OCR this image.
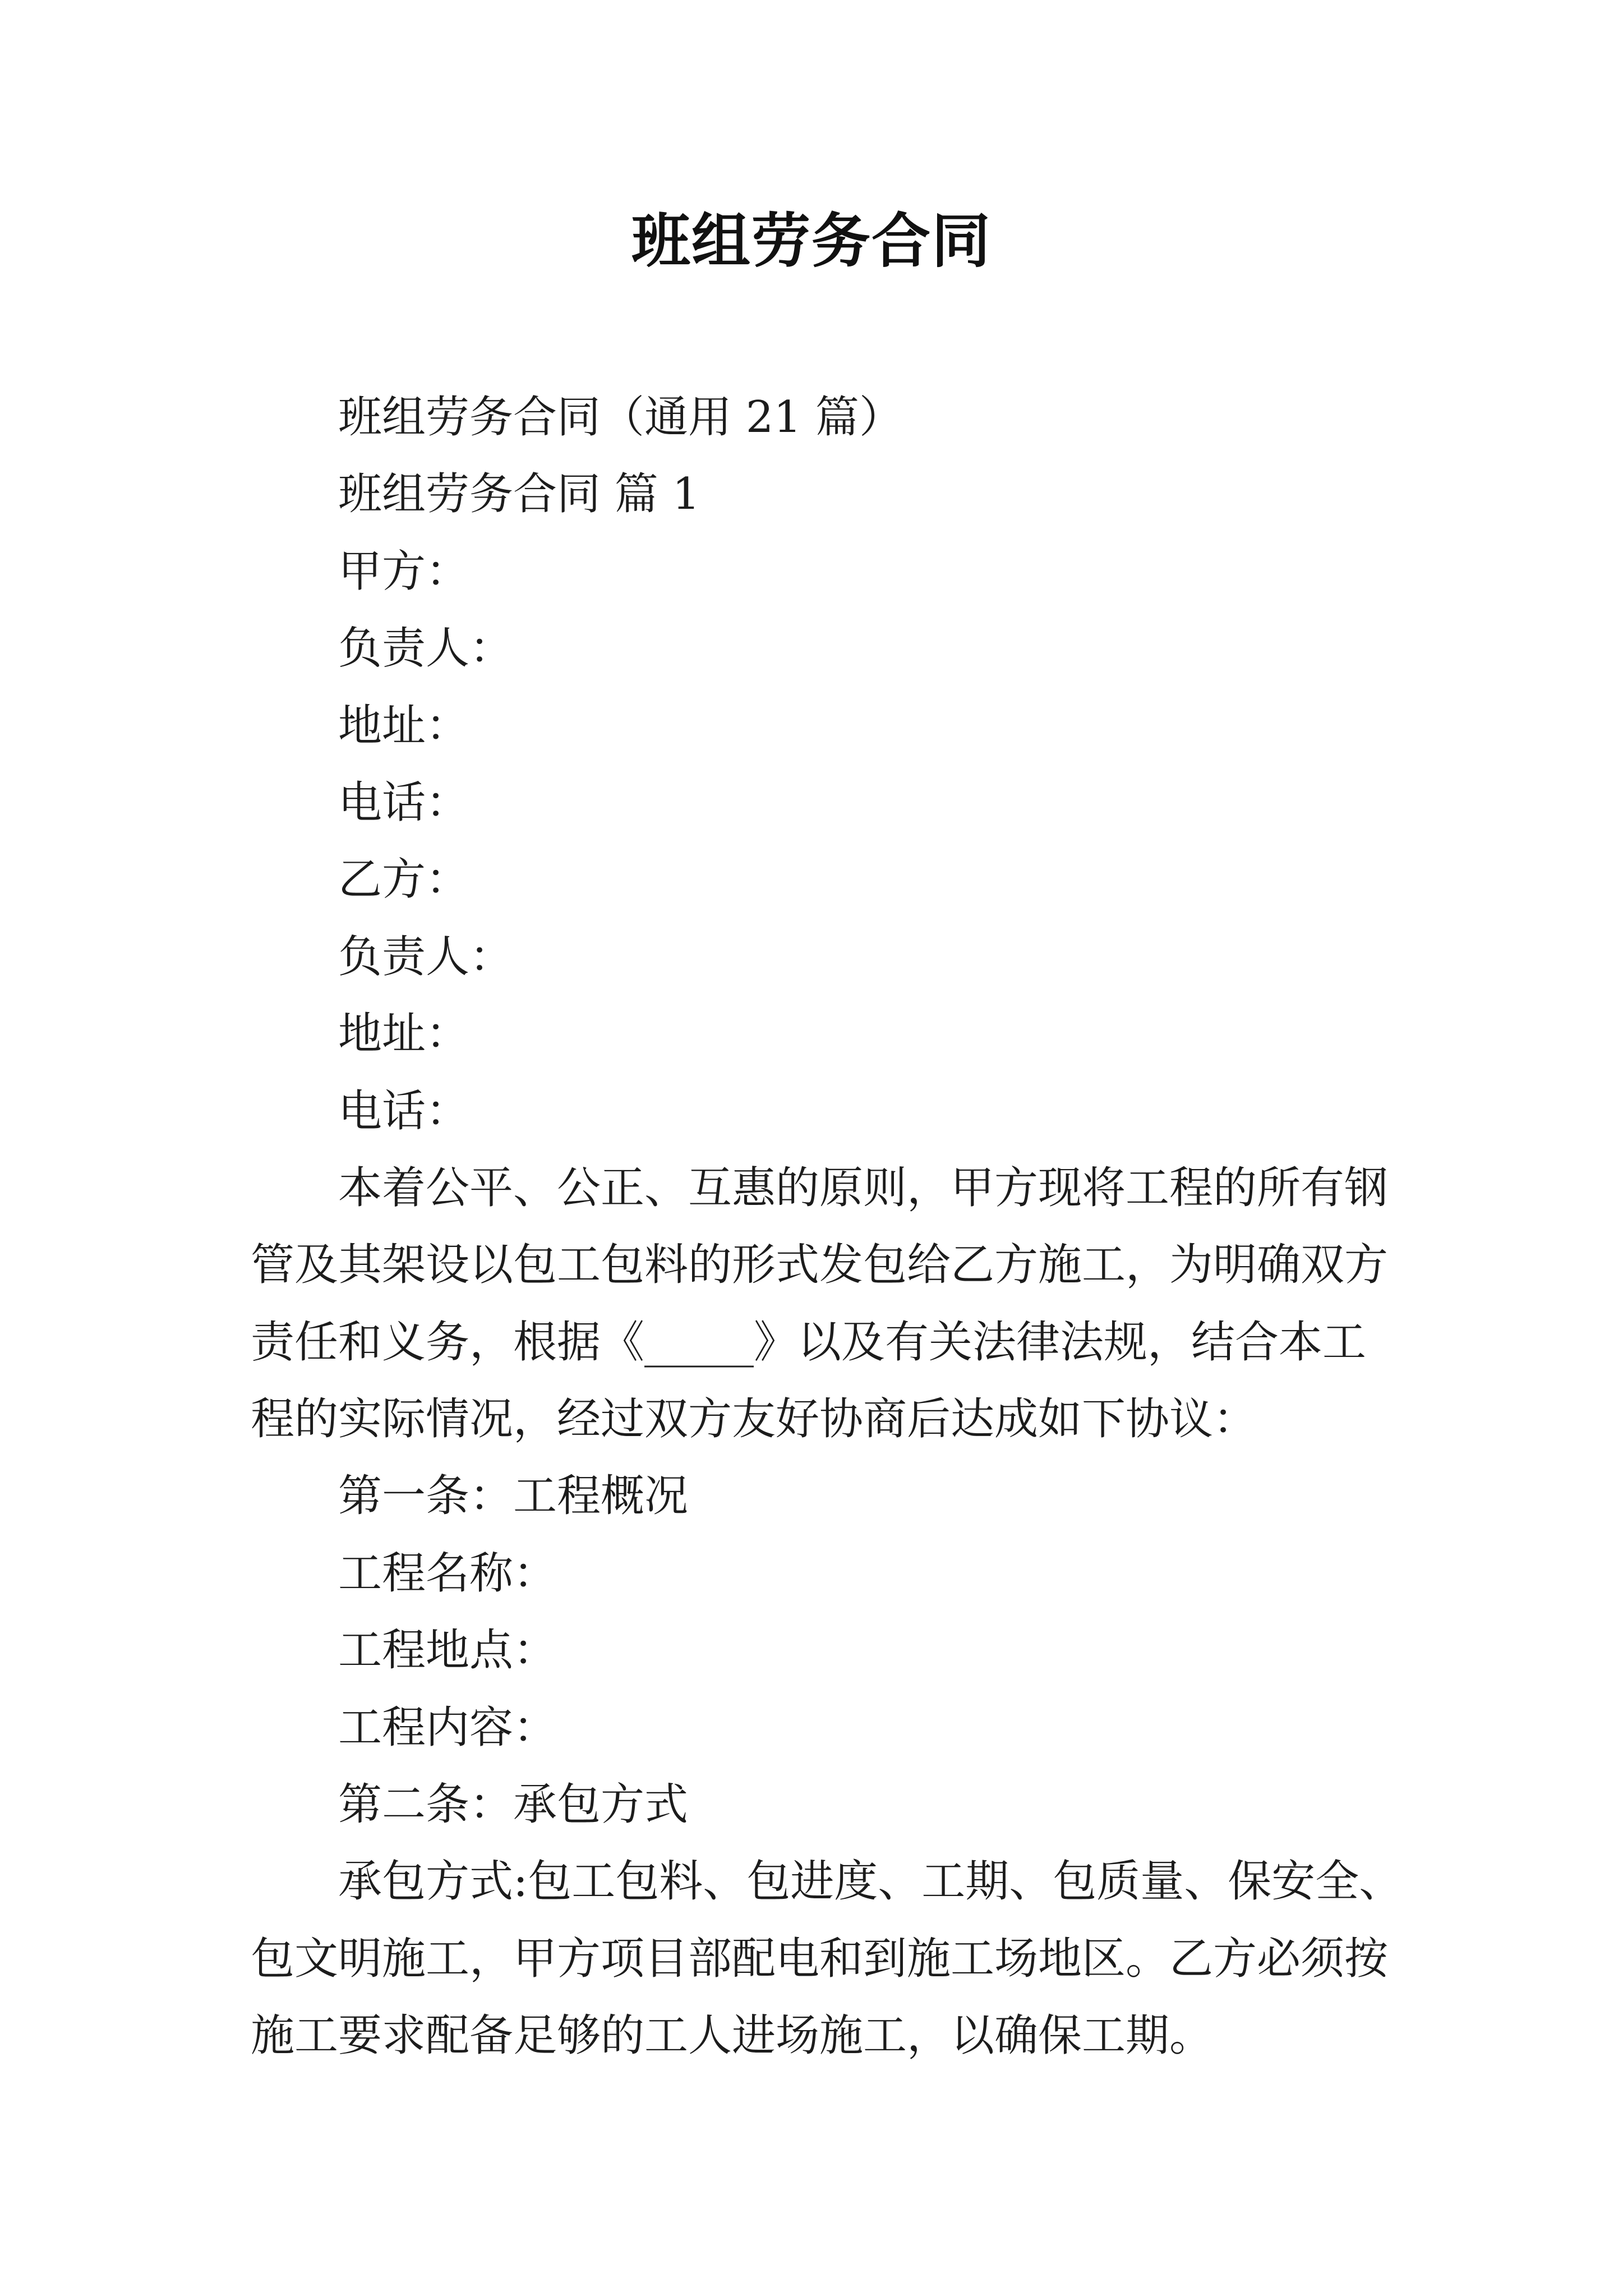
班组劳务合同
班组劳务合同（通用 21 篇）
班组劳务合同 篇 1
甲方：
负责人：
地址：
电话：
乙方：
负责人：
地址：
电话：
本着公平、公正、互惠的原则，甲方现将工程的所有钢
管及其架设以包工包料的形式发包给乙方施工，为明确双方
责任和义务，根据《_____》以及有关法律法规，结合本工
程的实际情况，经过双方友好协商后达成如下协议：
第一条：工程概况
工程名称：
工程地点：
工程内容：
第二条：承包方式
承包方式:包工包料、包进度、工期、包质量、保安全、
包文明施工，甲方项目部配电和到施工场地区。乙方必须按
施工要求配备足够的工人进场施工，以确保工期。
